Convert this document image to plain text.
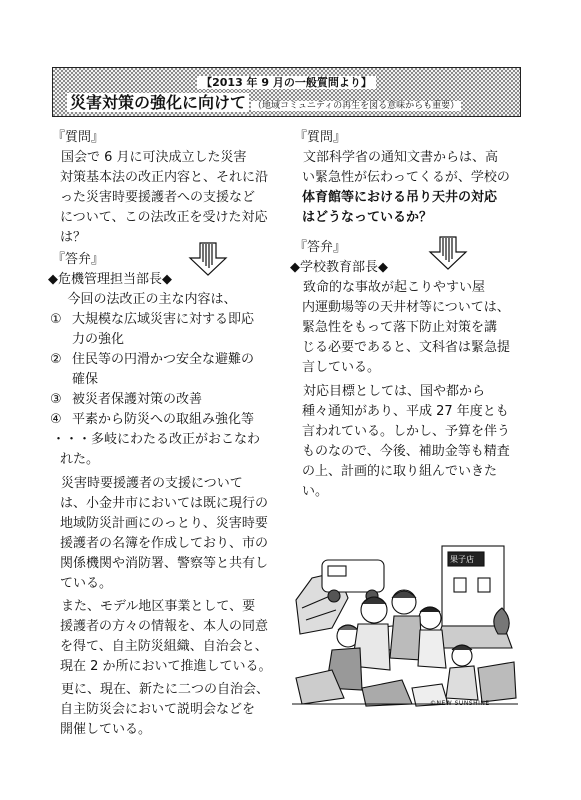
【2013 年 9 月の一般質問より】
災害対策の強化に向けて （地域コミュニティの再生を図る意味からも重要）
『質問』

国会で 6 月に可決成立した災害

対策基本法の改正内容と、それに沿

った災害時要援護者への支援など

について、この法改正を受けた対応

は？

『答弁』

◆危機管理担当部長◆

今回の法改正の主な内容は、

① 大規模な広域災害に対する即応
力の強化
② 住民等の円滑かつ安全な避難の
確保
③ 被災者保護対策の改善
④ 平素から防災への取組み強化等

・・・多岐にわたる改正がおこなわ

れた。

災害時要援護者の支援について

は、小金井市においては既に現行の

地域防災計画にのっとり、災害時要

援護者の名簿を作成しており、市の

関係機関や消防署、警察等と共有し

ている。

また、モデル地区事業として、要

援護者の方々の情報を、本人の同意

を得て、自主防災組織、自治会と、

現在 2 か所において推進している。

更に、現在、新たに二つの自治会、

自主防災会において説明会などを

開催している。

『質問』

文部科学省の通知文書からは、高

い緊急性が伝わってくるが、学校の

体育館等における吊り天井の対応

はどうなっているか？

『答弁』

◆学校教育部長◆

致命的な事故が起こりやすい屋

内運動場等の天井材等については、

緊急性をもって落下防止対策を講

じる必要であると、文科省は緊急提

言している。

対応目標としては、国や都から

種々通知があり、平成 27 年度とも

言われている。しかし、予算を伴う

ものなので、今後、補助金等も精査

の上、計画的に取り組んでいきた

い。

果子店
©NEW SUNSHINE
